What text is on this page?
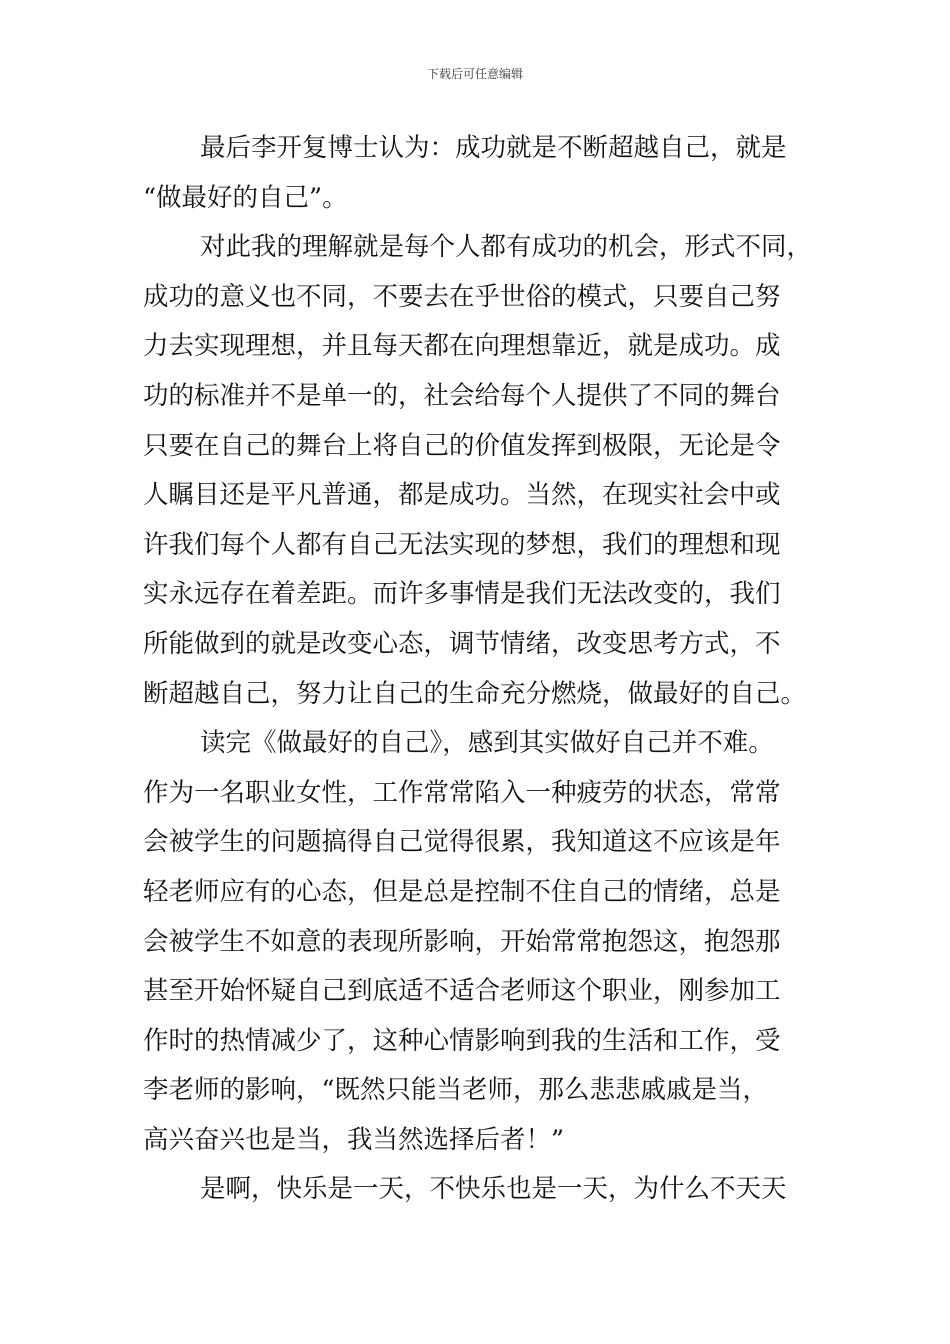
下载后可任意编辑
最后李开复博士认为：成功就是不断超越自己，就是
“做最好的自己”。
对此我的理解就是每个人都有成功的机会，形式不同，
成功的意义也不同，不要去在乎世俗的模式，只要自己努
力去实现理想，并且每天都在向理想靠近，就是成功。成
功的标准并不是单一的，社会给每个人提供了不同的舞台
只要在自己的舞台上将自己的价值发挥到极限，无论是令
人瞩目还是平凡普通，都是成功。当然，在现实社会中或
许我们每个人都有自己无法实现的梦想，我们的理想和现
实永远存在着差距。而许多事情是我们无法改变的，我们
所能做到的就是改变心态，调节情绪，改变思考方式，不
断超越自己，努力让自己的生命充分燃烧，做最好的自己。
读完《做最好的自己》，感到其实做好自己并不难。
作为一名职业女性，工作常常陷入一种疲劳的状态，常常
会被学生的问题搞得自己觉得很累，我知道这不应该是年
轻老师应有的心态，但是总是控制不住自己的情绪，总是
会被学生不如意的表现所影响，开始常常抱怨这，抱怨那
甚至开始怀疑自己到底适不适合老师这个职业，刚参加工
作时的热情减少了，这种心情影响到我的生活和工作，受
李老师的影响，“既然只能当老师，那么悲悲戚戚是当，
高兴奋兴也是当，我当然选择后者！”
是啊，快乐是一天，不快乐也是一天，为什么不天天
